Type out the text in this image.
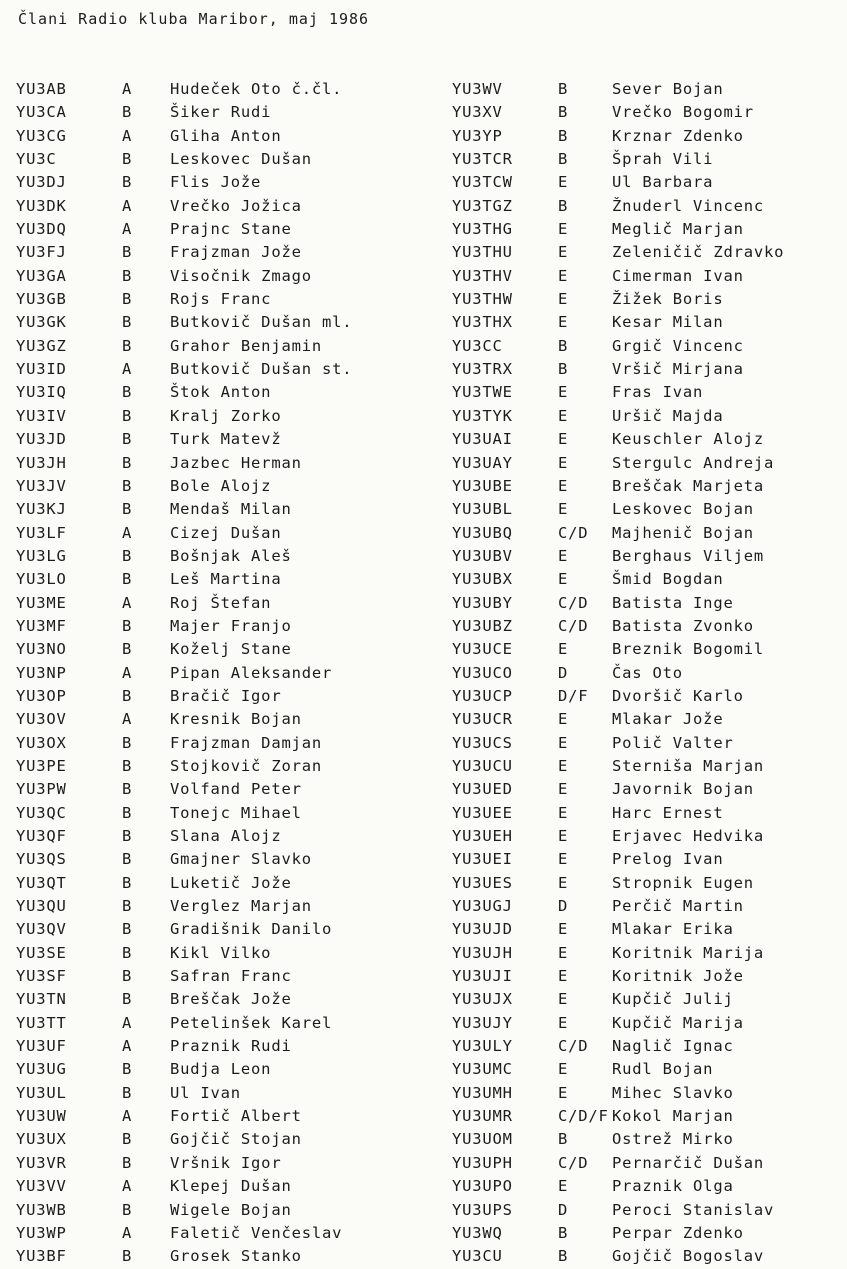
Člani Radio kluba Maribor, maj 1986
YU3AB	A Hudeček Oto č.čl.
YU3CA	B Šiker Rudi
YU3CG	A Gliha Anton
YU3C	B Leskovec Dušan
YU3DJ	B Flis Jože
YU3DK	A Vrečko Jožica
YU3DQ	A Prajnc Stane
YU3FJ	B Frajzman Jože
YU3GA	B Visočnik Zmago
YU3GB	B Rojs Franc
YU3GK	B Butkovič Dušan ml.
YU3GZ	B Grahor Benjamin
YU3ID	A Butkovič Dušan st.
YU3IQ	B Štok Anton
YU3IV	B Kralj Zorko
YU3JD	B Turk Matevž
YU3JH	B Jazbec Herman
YU3JV	B Bole Alojz
YU3KJ	B Mendaš Milan
YU3LF	A Cizej Dušan
YU3LG	B Bošnjak Aleš
YU3LO	B Leš Martina
YU3ME	A Roj Štefan
YU3MF	B Majer Franjo
YU3NO	B Koželj Stane
YU3NP	A Pipan Aleksander
YU3OP	B Bračič Igor
YU3OV	A Kresnik Bojan
YU3OX	B Frajzman Damjan
YU3PE	B Stojkovič Zoran
YU3PW	B Volfand Peter
YU3QC	B Tonejc Mihael
YU3QF	B Slana Alojz
YU3QS	B Gmajner Slavko
YU3QT	B Luketič Jože
YU3QU	B Verglez Marjan
YU3QV	B Gradišnik Danilo
YU3SE	B Kikl Vilko
YU3SF	B Safran Franc
YU3TN	B Breščak Jože
YU3TT	A Petelinšek Karel
YU3UF	A Praznik Rudi
YU3UG	B Budja Leon
YU3UL	B Ul Ivan
YU3UW	A Fortič Albert
YU3UX	B Gojčič Stojan
YU3VR	B Vršnik Igor
YU3VV	A Klepej Dušan
YU3WB	B Wigele Bojan
YU3WP	A Faletič Venčeslav
YU3BF	B Grosek Stanko
YU3WV	B	Sever Bojan
YU3XV	B	Vrečko Bogomir
YU3YP	B	Krznar Zdenko
YU3TCR	B	Šprah Vili
YU3TCW	E	Ul Barbara
YU3TGZ	B	Žnuderl Vincenc
YU3THG	E	Meglič Marjan
YU3THU	E	Zeleničič Zdravko
YU3THV	E	Cimerman Ivan
YU3THW	E	Žižek Boris
YU3THX	E	Kesar Milan
YU3CC	B	Grgič Vincenc
YU3TRX	B	Vršič Mirjana
YU3TWE	E	Fras Ivan
YU3TYK	E	Uršič Majda
YU3UAI	E	Keuschler Alojz
YU3UAY	E	Stergulc Andreja
YU3UBE	E	Breščak Marjeta
YU3UBL	E	Leskovec Bojan
YU3UBQ	C/D Majhenič Bojan
YU3UBV	E	Berghaus Viljem
YU3UBX	E	Šmid Bogdan
YU3UBY	C/D Batista Inge
YU3UBZ	C/D Batista Zvonko
YU3UCE	E	Breznik Bogomil
YU3UCO	D	Čas Oto
YU3UCP	D/F Dvoršič Karlo
YU3UCR	E	Mlakar Jože
YU3UCS	E	Polič Valter
YU3UCU	E	Sterniša Marjan
YU3UED	E	Javornik Bojan
YU3UEE	E	Harc Ernest
YU3UEH	E	Erjavec Hedvika
YU3UEI	E	Prelog Ivan
YU3UES	E	Stropnik Eugen
YU3UGJ	D	Perčič Martin
YU3UJD	E	Mlakar Erika
YU3UJH	E	Koritnik Marija
YU3UJI	E	Koritnik Jože
YU3UJX	E	Kupčič Julij
YU3UJY	E	Kupčič Marija
YU3ULY	C/D Naglič Ignac
YU3UMC	E	Rudl Bojan
YU3UMH	E	Mihec Slavko
YU3UMR	C/D/F Kokol Marjan
YU3UOM	B	Ostrež Mirko
YU3UPH	C/D Pernarčič Dušan
YU3UPO	E	Praznik Olga
YU3UPS	D	Peroci Stanislav
YU3WQ	B	Perpar Zdenko
YU3CU	B	Gojčič Bogoslav
